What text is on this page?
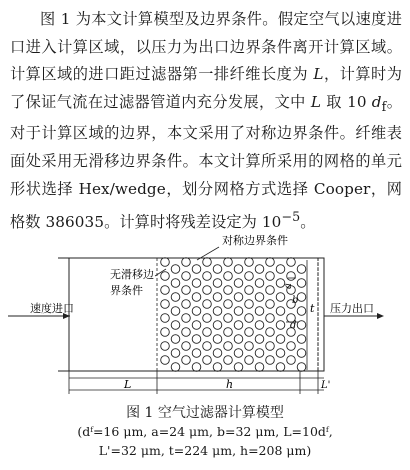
图 1 为本文计算模型及边界条件。假定空气以速度进口进入计算区域，以压力为出口边界条件离开计算区域。计算区域的进口距过滤器第一排纤维长度为 L，计算时为了保证气流在过滤器管道内充分发展，文中 L 取 10 $d_f$。对于计算区域的边界，本文采用了对称边界条件。纤维表面处采用无滑移边界条件。本文计算所采用的网格的单元形状选择 Hex/wedge，划分网格方式选择 Cooper，网格数 386035。计算时将残差设定为 $10^{-5}$。
速度进口	压力出口
t
对称边界条件
无滑移边
界条件	a
b
d
L	h	L'
图 1 空气过滤器计算模型
(dᶠ=16 μm, a=24 μm, b=32 μm, L=10dᶠ,
L'=32 μm, t=224 μm, h=208 μm)
